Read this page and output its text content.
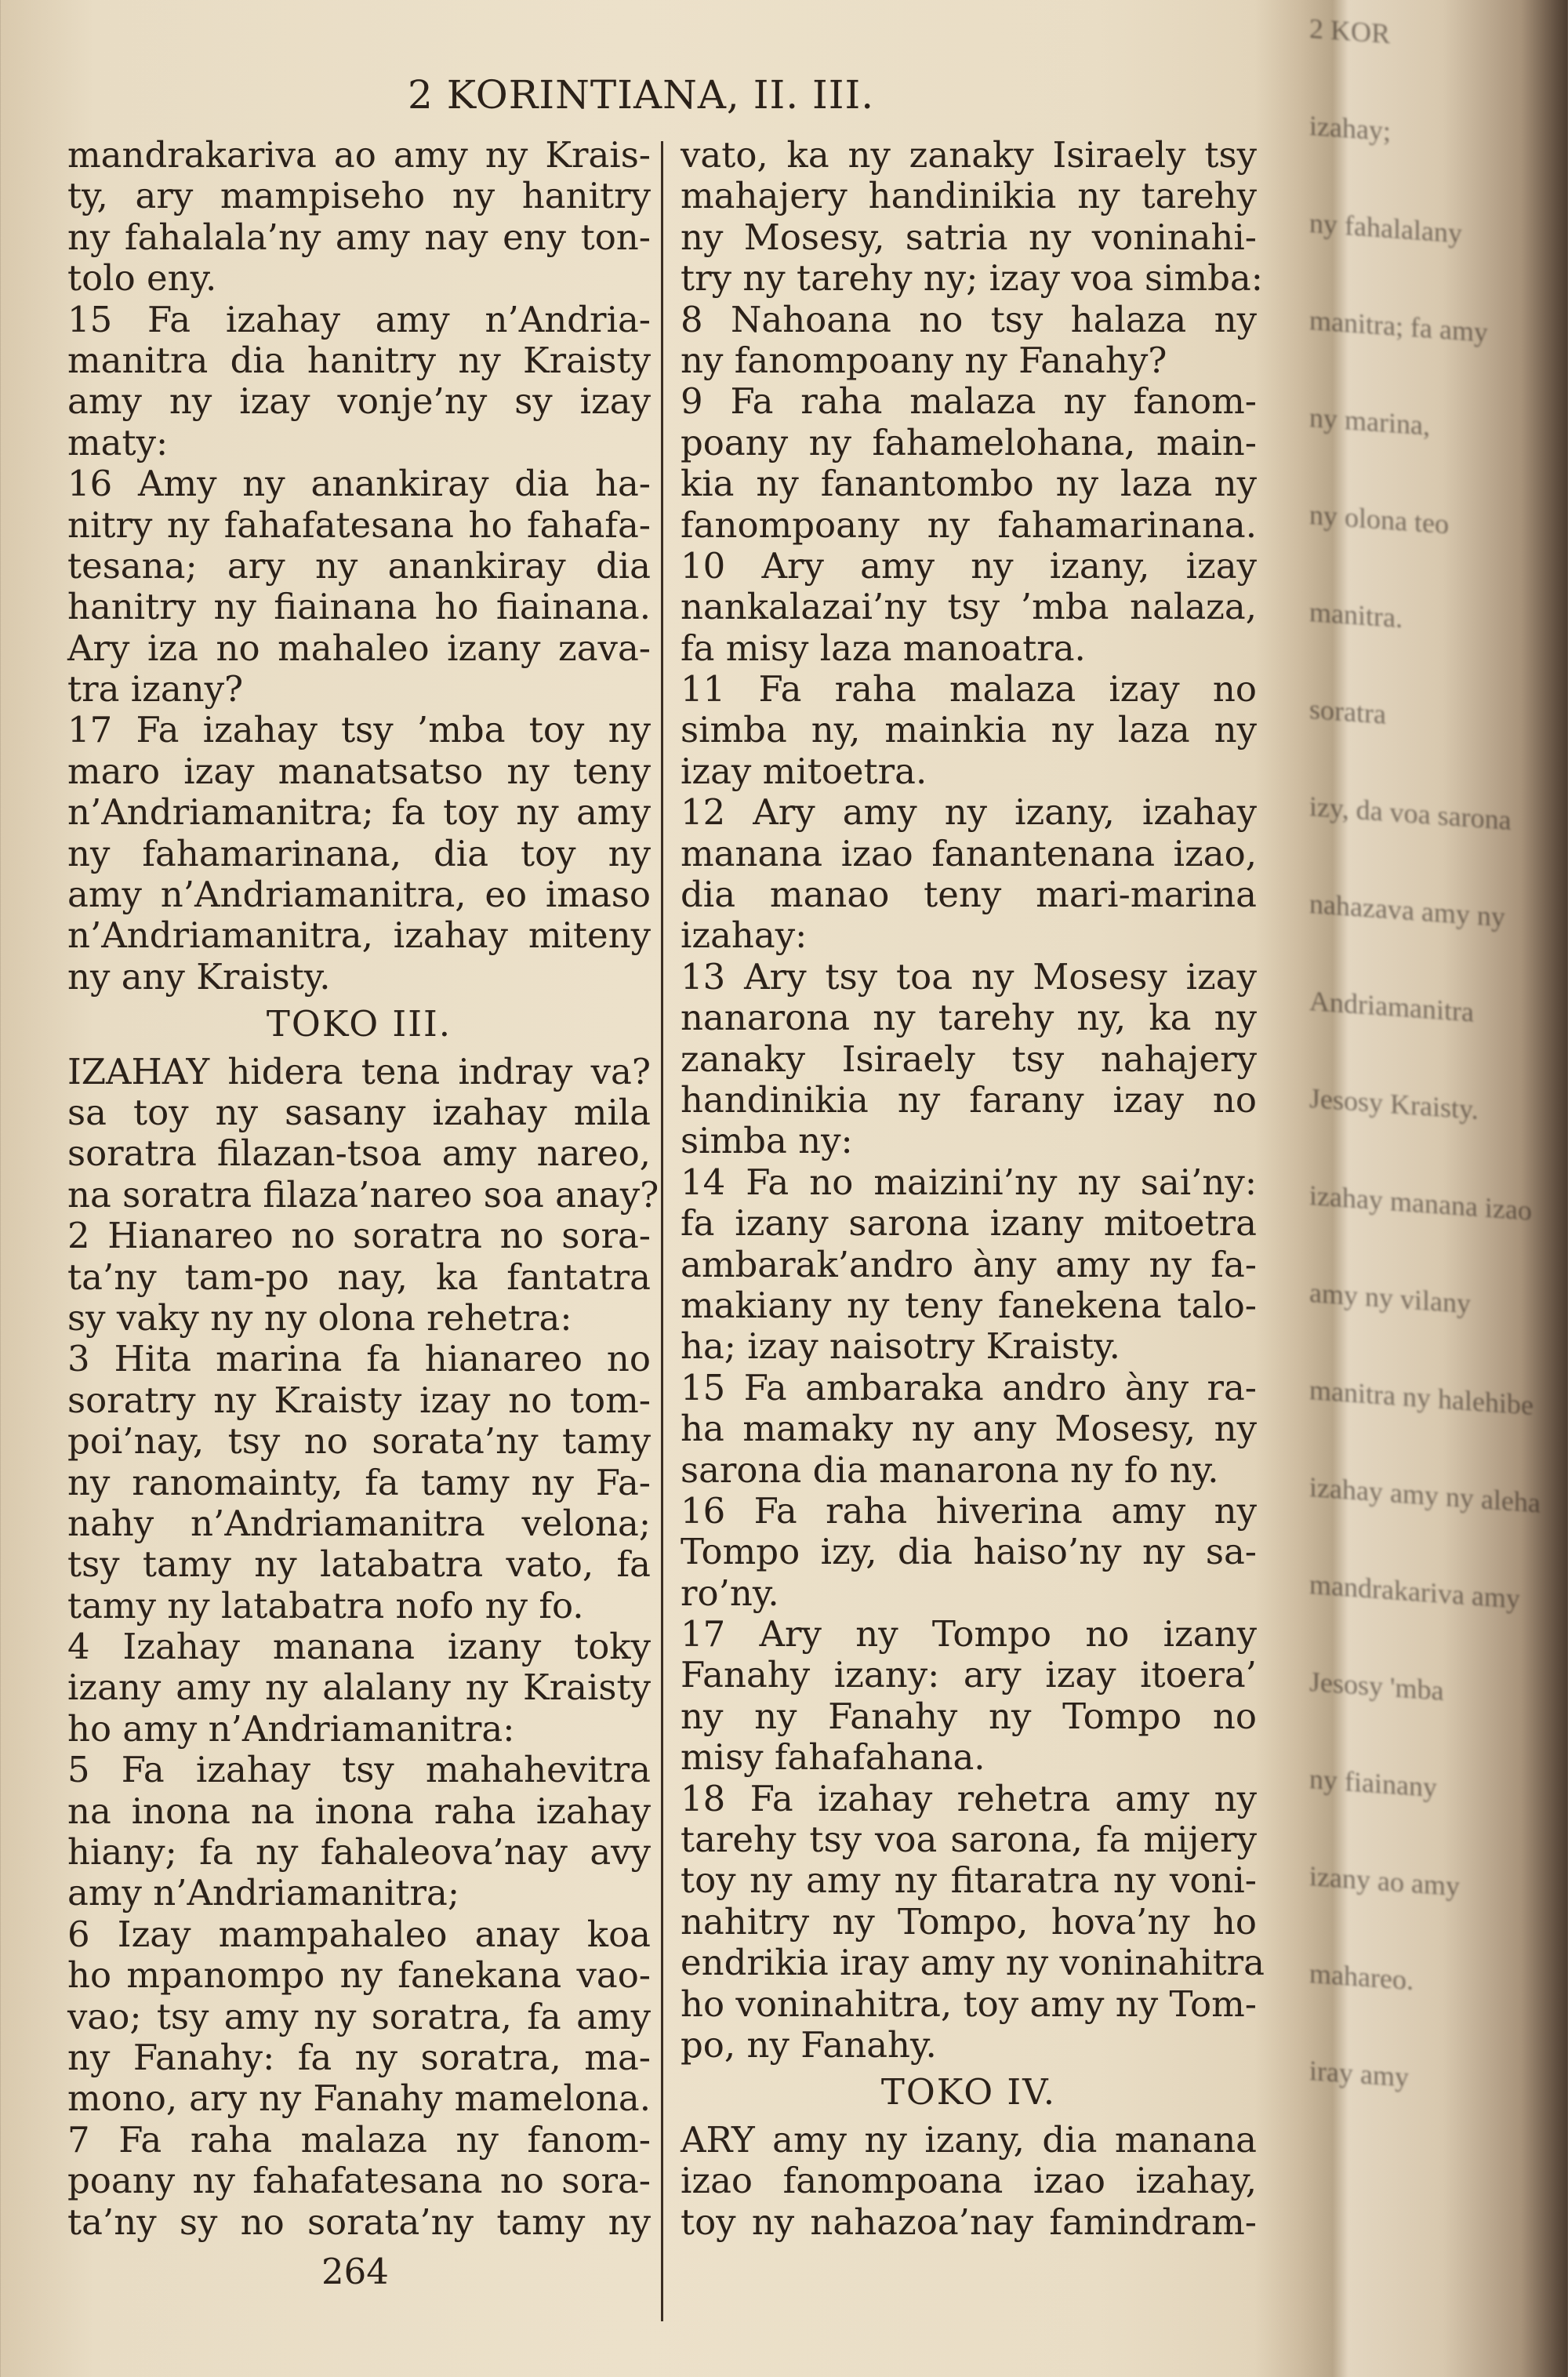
2 KORINTIANA, II. III.
mandrakariva ao amy ny Krais-
ty, ary mampiseho ny hanitry
ny fahalala’ny amy nay eny ton-
tolo eny.
15 Fa izahay amy n’Andria-
manitra dia hanitry ny Kraisty
amy ny izay vonje’ny sy izay
maty:
16 Amy ny anankiray dia ha-
nitry ny fahafatesana ho fahafa-
tesana; ary ny anankiray dia
hanitry ny fiainana ho fiainana.
Ary iza no mahaleo izany zava-
tra izany?
17 Fa izahay tsy ’mba toy ny
maro izay manatsatso ny teny
n’Andriamanitra; fa toy ny amy
ny fahamarinana, dia toy ny
amy n’Andriamanitra, eo imaso
n’Andriamanitra, izahay miteny
ny any Kraisty.
TOKO III.
IZAHAY hidera tena indray va?
sa toy ny sasany izahay mila
soratra filazan-tsoa amy nareo,
na soratra filaza’nareo soa anay?
2 Hianareo no soratra no sora-
ta’ny tam-po nay, ka fantatra
sy vaky ny ny olona rehetra:
3 Hita marina fa hianareo no
soratry ny Kraisty izay no tom-
poi’nay, tsy no sorata’ny tamy
ny ranomainty, fa tamy ny Fa-
nahy n’Andriamanitra velona;
tsy tamy ny latabatra vato, fa
tamy ny latabatra nofo ny fo.
4 Izahay manana izany toky
izany amy ny alalany ny Kraisty
ho amy n’Andriamanitra:
5 Fa izahay tsy mahahevitra
na inona na inona raha izahay
hiany; fa ny fahaleova’nay avy
amy n’Andriamanitra;
6 Izay mampahaleo anay koa
ho mpanompo ny fanekana vao-
vao; tsy amy ny soratra, fa amy
ny Fanahy: fa ny soratra, ma-
mono, ary ny Fanahy mamelona.
7 Fa raha malaza ny fanom-
poany ny fahafatesana no sora-
ta’ny sy no sorata’ny tamy ny
vato, ka ny zanaky Isiraely tsy
mahajery handinikia ny tarehy
ny Mosesy, satria ny voninahi-
try ny tarehy ny; izay voa simba:
8 Nahoana no tsy halaza ny
ny fanompoany ny Fanahy?
9 Fa raha malaza ny fanom-
poany ny fahamelohana, main-
kia ny fanantombo ny laza ny
fanompoany ny fahamarinana.
10 Ary amy ny izany, izay
nankalazai’ny tsy ’mba nalaza,
fa misy laza manoatra.
11 Fa raha malaza izay no
simba ny, mainkia ny laza ny
izay mitoetra.
12 Ary amy ny izany, izahay
manana izao fanantenana izao,
dia manao teny mari-marina
izahay:
13 Ary tsy toa ny Mosesy izay
nanarona ny tarehy ny, ka ny
zanaky Isiraely tsy nahajery
handinikia ny farany izay no
simba ny:
14 Fa no maizini’ny ny sai’ny:
fa izany sarona izany mitoetra
ambarak’andro àny amy ny fa-
makiany ny teny fanekena talo-
ha; izay naisotry Kraisty.
15 Fa ambaraka andro àny ra-
ha mamaky ny any Mosesy, ny
sarona dia manarona ny fo ny.
16 Fa raha hiverina amy ny
Tompo izy, dia haiso’ny ny sa-
ro’ny.
17 Ary ny Tompo no izany
Fanahy izany: ary izay itoera’
ny ny Fanahy ny Tompo no
misy fahafahana.
18 Fa izahay rehetra amy ny
tarehy tsy voa sarona, fa mijery
toy ny amy ny fitaratra ny voni-
nahitry ny Tompo, hova’ny ho
endrikia iray amy ny voninahitra
ho voninahitra, toy amy ny Tom-
po, ny Fanahy.
TOKO IV.
ARY amy ny izany, dia manana
izao fanompoana izao izahay,
toy ny nahazoa’nay famindram-
264
2 KOR
izahay;
ny fahalalany
manitra; fa amy
ny marina,
ny olona teo
manitra.
soratra
izy, da voa sarona
nahazava amy ny
Andriamanitra
Jesosy Kraisty.
izahay manana izao
amy ny vilany
manitra ny halehibe
izahay amy ny aleha
mandrakariva amy
Jesosy 'mba
ny fiainany
izany ao amy
mahareo.
iray amy
